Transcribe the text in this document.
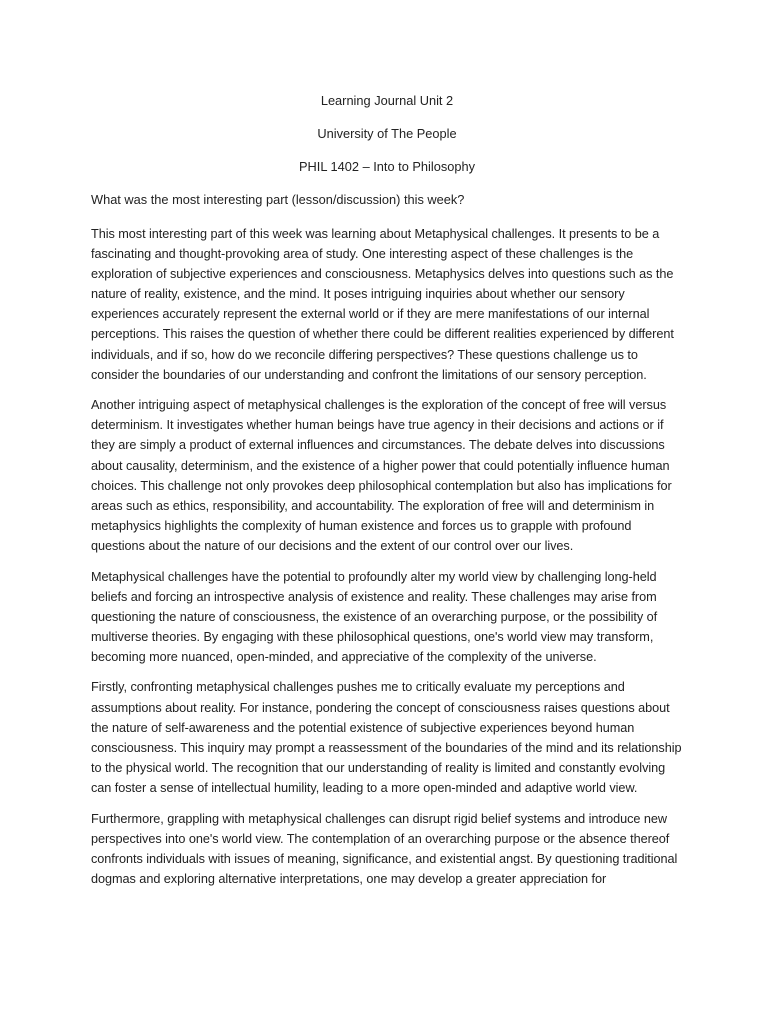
Learning Journal Unit 2
University of The People
PHIL 1402 – Into to Philosophy
What was the most interesting part (lesson/discussion) this week?

This most interesting part of this week was learning about Metaphysical challenges. It presents to be a fascinating and thought-provoking area of study. One interesting aspect of these challenges is the exploration of subjective experiences and consciousness. Metaphysics delves into questions such as the nature of reality, existence, and the mind. It poses intriguing inquiries about whether our sensory experiences accurately represent the external world or if they are mere manifestations of our internal perceptions. This raises the question of whether there could be different realities experienced by different individuals, and if so, how do we reconcile differing perspectives? These questions challenge us to consider the boundaries of our understanding and confront the limitations of our sensory perception.

Another intriguing aspect of metaphysical challenges is the exploration of the concept of free will versus determinism. It investigates whether human beings have true agency in their decisions and actions or if they are simply a product of external influences and circumstances. The debate delves into discussions about causality, determinism, and the existence of a higher power that could potentially influence human choices. This challenge not only provokes deep philosophical contemplation but also has implications for areas such as ethics, responsibility, and accountability. The exploration of free will and determinism in metaphysics highlights the complexity of human existence and forces us to grapple with profound questions about the nature of our decisions and the extent of our control over our lives.

Metaphysical challenges have the potential to profoundly alter my world view by challenging long-held beliefs and forcing an introspective analysis of existence and reality. These challenges may arise from questioning the nature of consciousness, the existence of an overarching purpose, or the possibility of multiverse theories. By engaging with these philosophical questions, one's world view may transform, becoming more nuanced, open-minded, and appreciative of the complexity of the universe.

Firstly, confronting metaphysical challenges pushes me to critically evaluate my perceptions and assumptions about reality. For instance, pondering the concept of consciousness raises questions about the nature of self-awareness and the potential existence of subjective experiences beyond human consciousness. This inquiry may prompt a reassessment of the boundaries of the mind and its relationship to the physical world. The recognition that our understanding of reality is limited and constantly evolving can foster a sense of intellectual humility, leading to a more open-minded and adaptive world view.

Furthermore, grappling with metaphysical challenges can disrupt rigid belief systems and introduce new perspectives into one's world view. The contemplation of an overarching purpose or the absence thereof confronts individuals with issues of meaning, significance, and existential angst. By questioning traditional dogmas and exploring alternative interpretations, one may develop a greater appreciation for
